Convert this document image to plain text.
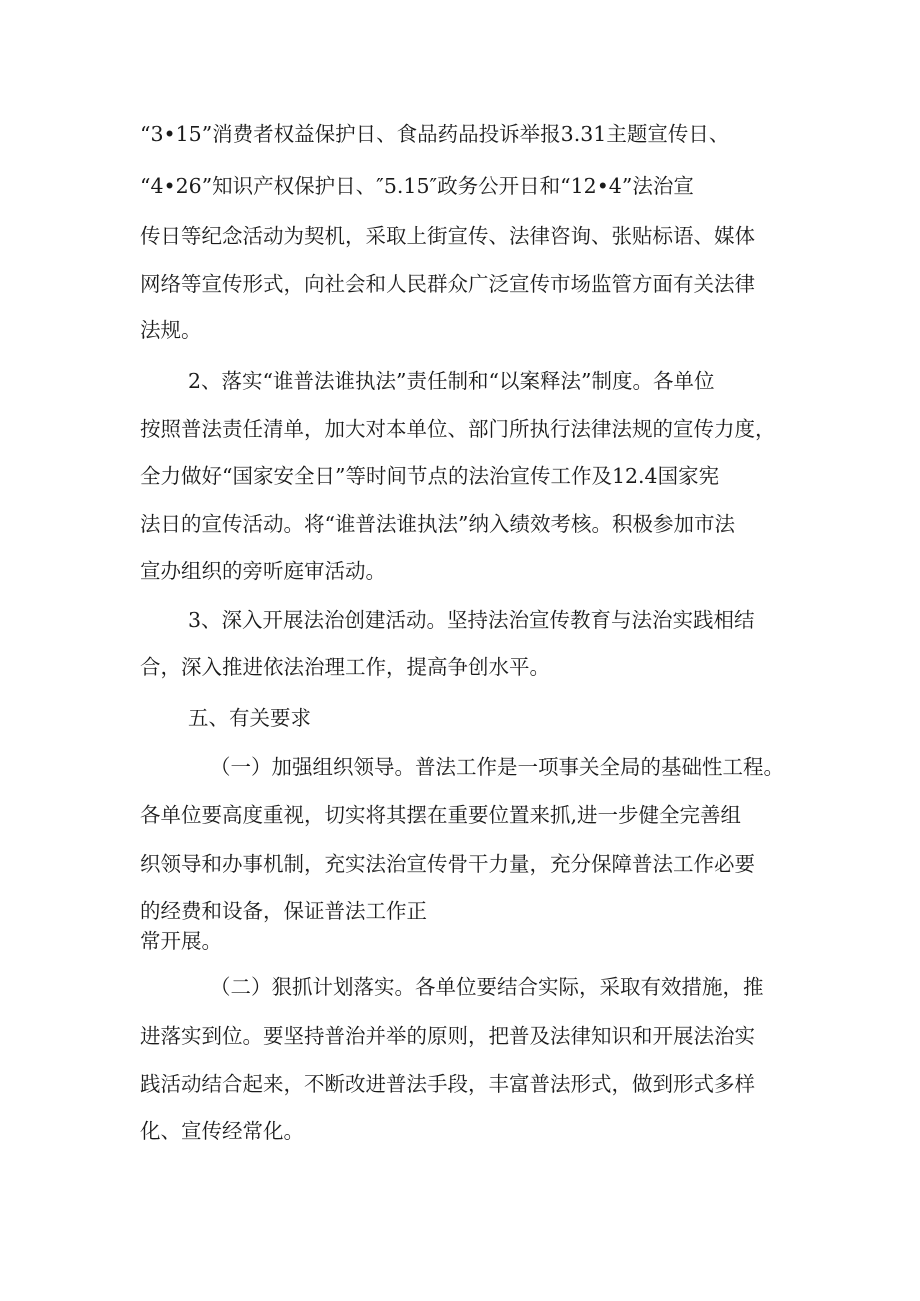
“3•15”消费者权益保护日、食品药品投诉举报3.31主题宣传日、

“4•26”知识产权保护日、″5.15″政务公开日和“12•4”法治宣

传日等纪念活动为契机，采取上街宣传、法律咨询、张贴标语、媒体

网络等宣传形式，向社会和人民群众广泛宣传市场监管方面有关法律

法规。

2、落实“谁普法谁执法”责任制和“以案释法”制度。各单位

按照普法责任清单，加大对本单位、部门所执行法律法规的宣传力度，

全力做好“国家安全日”等时间节点的法治宣传工作及12.4国家宪

法日的宣传活动。将“谁普法谁执法”纳入绩效考核。积极参加市法

宣办组织的旁听庭审活动。

3、深入开展法治创建活动。坚持法治宣传教育与法治实践相结

合，深入推进依法治理工作，提高争创水平。

五、有关要求

（一）加强组织领导。普法工作是一项事关全局的基础性工程。

各单位要高度重视，切实将其摆在重要位置来抓,进一步健全完善组

织领导和办事机制，充实法治宣传骨干力量，充分保障普法工作必要

的经费和设备，保证普法工作正

常开展。

（二）狠抓计划落实。各单位要结合实际，采取有效措施，推

进落实到位。要坚持普治并举的原则，把普及法律知识和开展法治实

践活动结合起来，不断改进普法手段，丰富普法形式，做到形式多样

化、宣传经常化。
